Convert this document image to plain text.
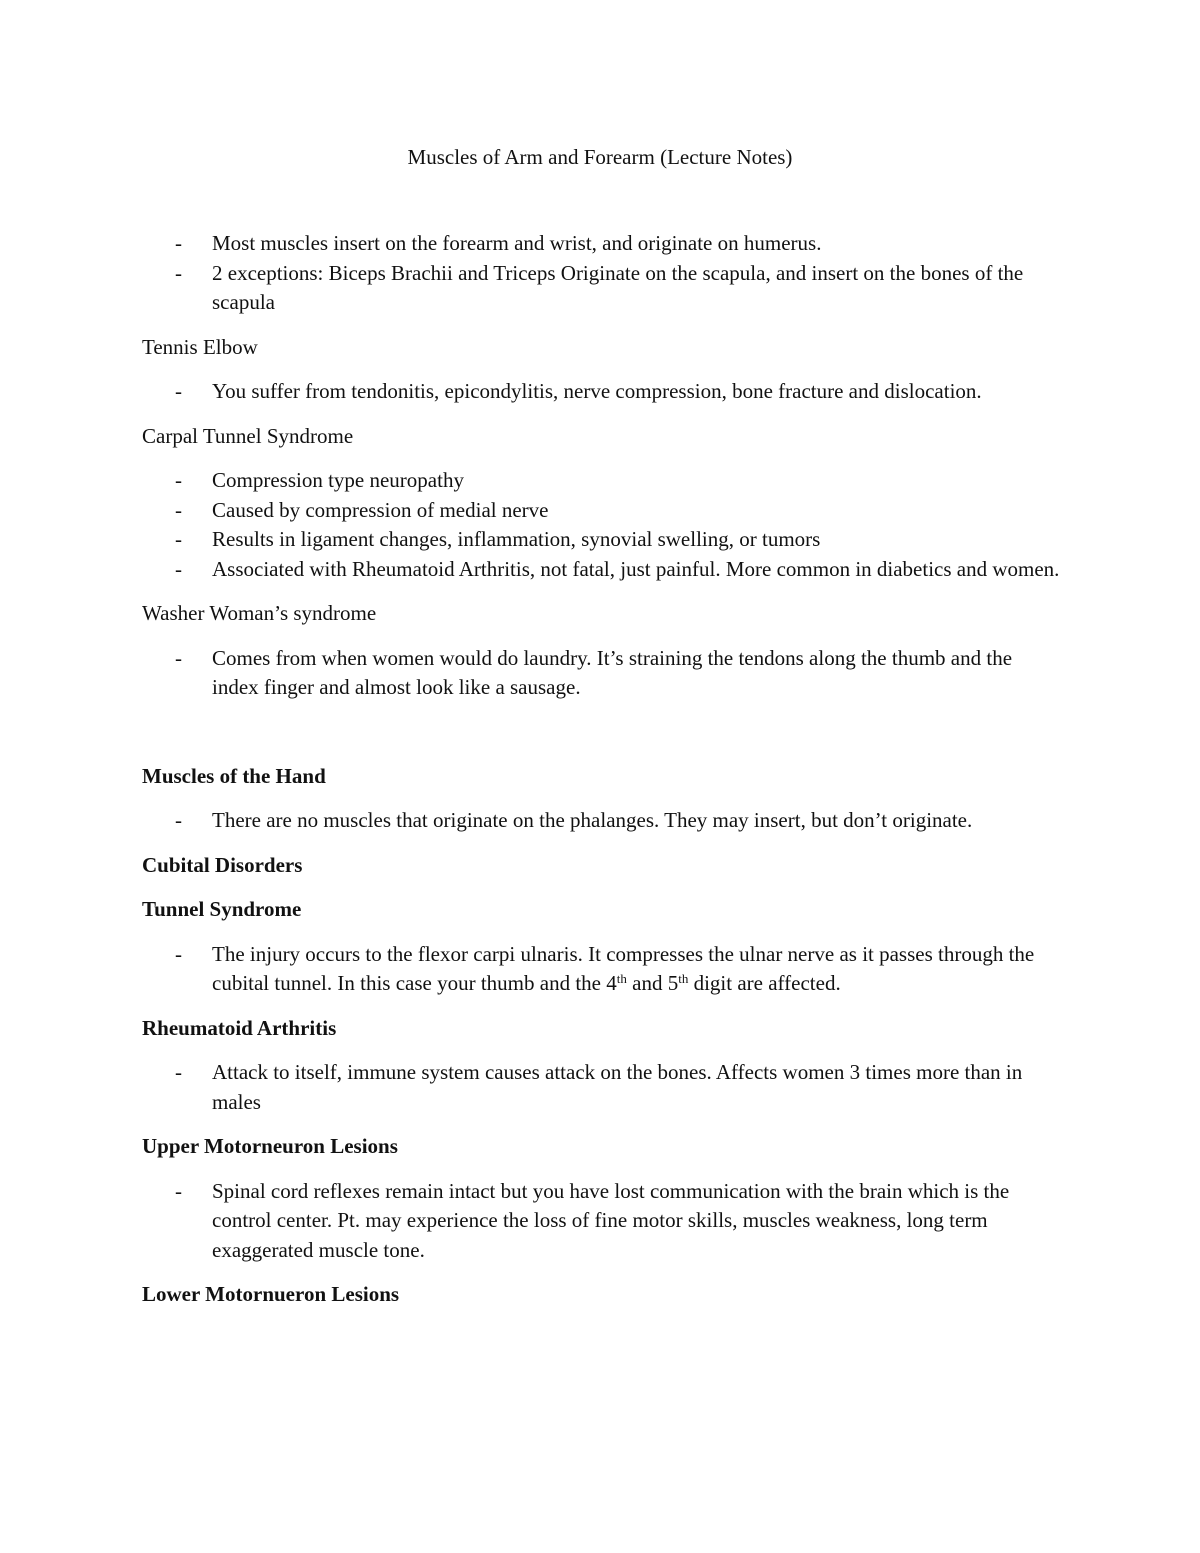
Muscles of Arm and Forearm (Lecture Notes)

- Most muscles insert on the forearm and wrist, and originate on humerus.
- 2 exceptions: Biceps Brachii and Triceps Originate on the scapula, and insert on the bones of the scapula

Tennis Elbow

- You suffer from tendonitis, epicondylitis, nerve compression, bone fracture and dislocation.

Carpal Tunnel Syndrome

- Compression type neuropathy
- Caused by compression of medial nerve
- Results in ligament changes, inflammation, synovial swelling, or tumors
- Associated with Rheumatoid Arthritis, not fatal, just painful. More common in diabetics and women.

Washer Woman’s syndrome

- Comes from when women would do laundry. It’s straining the tendons along the thumb and the index finger and almost look like a sausage.

Muscles of the Hand

- There are no muscles that originate on the phalanges. They may insert, but don’t originate.

Cubital Disorders

Tunnel Syndrome

- The injury occurs to the flexor carpi ulnaris. It compresses the ulnar nerve as it passes through the cubital tunnel. In this case your thumb and the 4th and 5th digit are affected.

Rheumatoid Arthritis

- Attack to itself, immune system causes attack on the bones. Affects women 3 times more than in males

Upper Motorneuron Lesions

- Spinal cord reflexes remain intact but you have lost communication with the brain which is the control center. Pt. may experience the loss of fine motor skills, muscles weakness, long term exaggerated muscle tone.

Lower Motornueron Lesions
